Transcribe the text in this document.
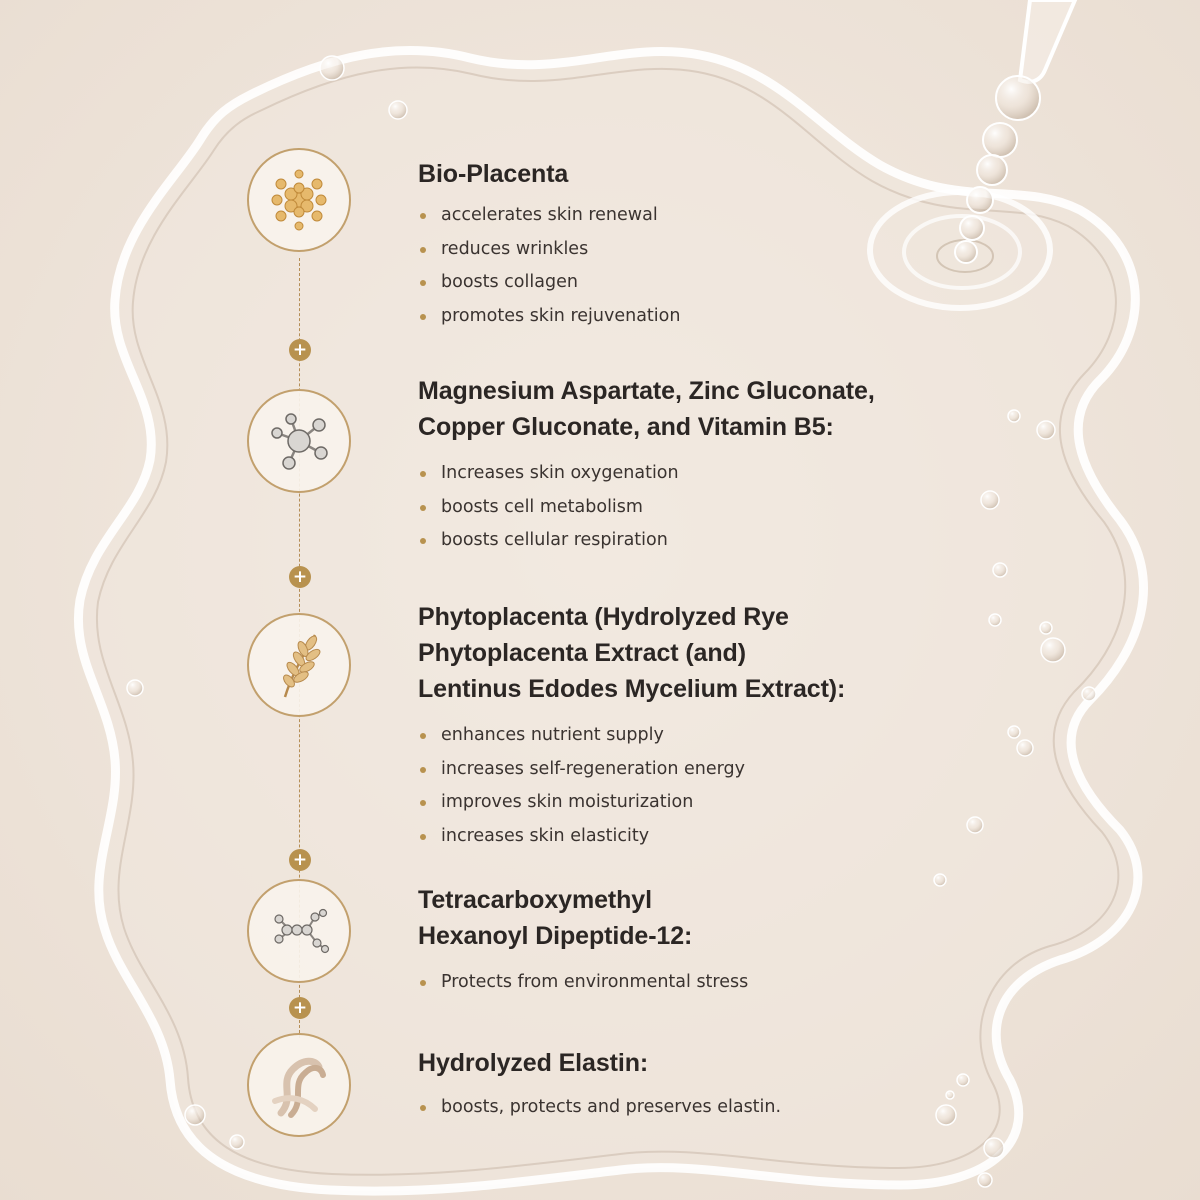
+
+
+
+
Bio-Placenta
accelerates skin renewal
reduces wrinkles
boosts collagen
promotes skin rejuvenation
Magnesium Aspartate, Zinc Gluconate,
Copper Gluconate, and Vitamin B5:
Increases skin oxygenation
boosts cell metabolism
boosts cellular respiration
Phytoplacenta (Hydrolyzed Rye
Phytoplacenta Extract (and)
Lentinus Edodes Mycelium Extract):
enhances nutrient supply
increases self-regeneration energy
improves skin moisturization
increases skin elasticity
Tetracarboxymethyl
Hexanoyl Dipeptide-12:
Protects from environmental stress
Hydrolyzed Elastin:
boosts, protects and preserves elastin.
